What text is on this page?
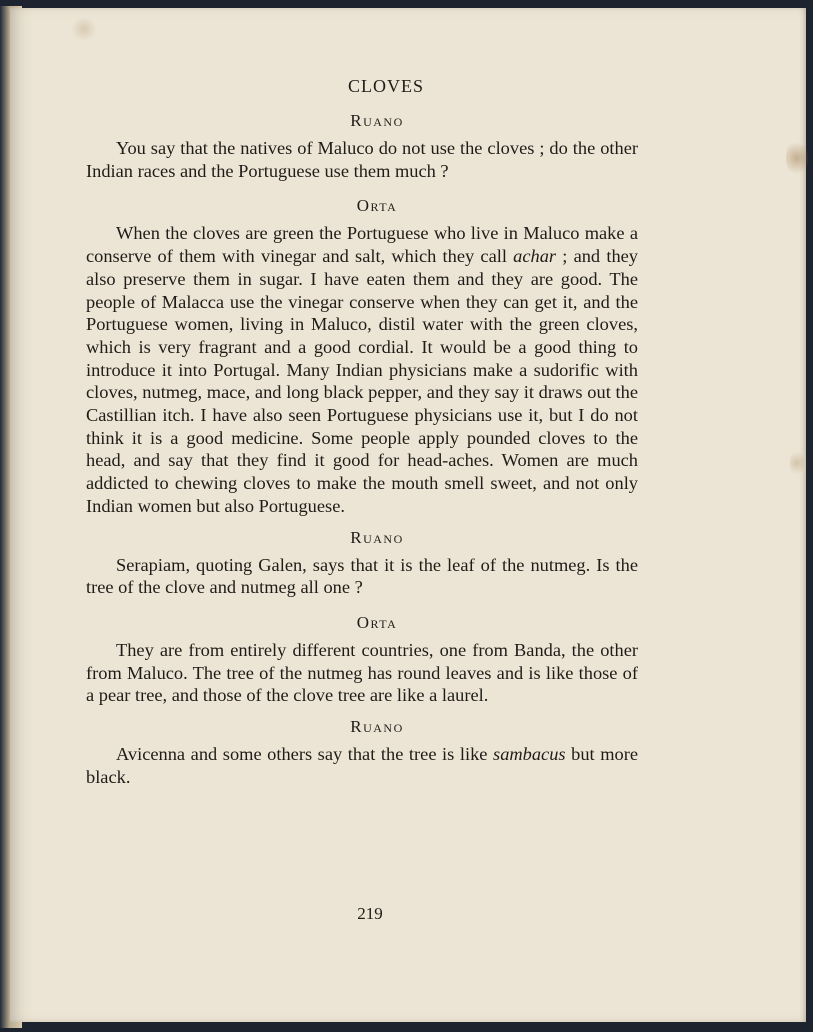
CLOVES
Ruano

You say that the natives of Maluco do not use the cloves ; do the other Indian races and the Portuguese use them much ?

Orta

When the cloves are green the Portuguese who live in Maluco make a conserve of them with vinegar and salt, which they call achar ; and they also preserve them in sugar. I have eaten them and they are good. The people of Malacca use the vinegar conserve when they can get it, and the Portuguese women, living in Maluco, distil water with the green cloves, which is very fragrant and a good cordial. It would be a good thing to introduce it into Portugal. Many Indian physicians make a sudorific with cloves, nutmeg, mace, and long black pepper, and they say it draws out the Castillian itch. I have also seen Portuguese physicians use it, but I do not think it is a good medicine. Some people apply pounded cloves to the head, and say that they find it good for head-aches. Women are much addicted to chewing cloves to make the mouth smell sweet, and not only Indian women but also Portuguese.

Ruano

Serapiam, quoting Galen, says that it is the leaf of the nutmeg. Is the tree of the clove and nutmeg all one ?

Orta

They are from entirely different countries, one from Banda, the other from Maluco. The tree of the nutmeg has round leaves and is like those of a pear tree, and those of the clove tree are like a laurel.

Ruano

Avicenna and some others say that the tree is like sambacus but more black.

219
